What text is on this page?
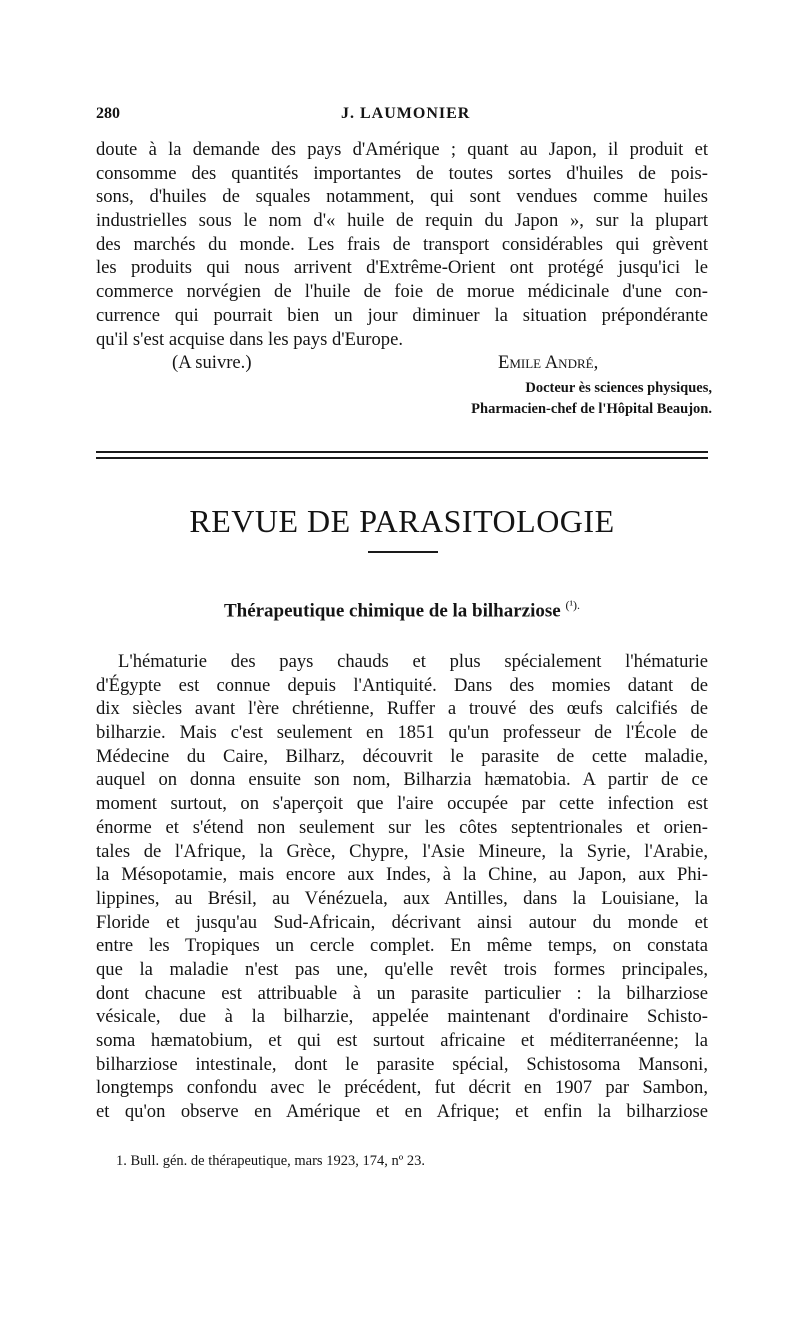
280	J. LAUMONIER
doute à la demande des pays d'Amérique ; quant au Japon, il produit et
consomme des quantités importantes de toutes sortes d'huiles de pois-
sons, d'huiles de squales notamment, qui sont vendues comme huiles
industrielles sous le nom d'« huile de requin du Japon », sur la plupart
des marchés du monde. Les frais de transport considérables qui grèvent
les produits qui nous arrivent d'Extrême-Orient ont protégé jusqu'ici le
commerce norvégien de l'huile de foie de morue médicinale d'une con-
currence qui pourrait bien un jour diminuer la situation prépondérante
qu'il s'est acquise dans les pays d'Europe.
(A suivre.)	Emile André,
Docteur ès sciences physiques,
Pharmacien-chef de l'Hôpital Beaujon.
REVUE DE PARASITOLOGIE
Thérapeutique chimique de la bilharziose $^{(^1).}$
L'hématurie des pays chauds et plus spécialement l'hématurie
d'Égypte est connue depuis l'Antiquité. Dans des momies datant de
dix siècles avant l'ère chrétienne, Ruffer a trouvé des œufs calcifiés de
bilharzie. Mais c'est seulement en 1851 qu'un professeur de l'École de
Médecine du Caire, Bilharz, découvrit le parasite de cette maladie,
auquel on donna ensuite son nom, Bilharzia hæmatobia. A partir de ce
moment surtout, on s'aperçoit que l'aire occupée par cette infection est
énorme et s'étend non seulement sur les côtes septentrionales et orien-
tales de l'Afrique, la Grèce, Chypre, l'Asie Mineure, la Syrie, l'Arabie,
la Mésopotamie, mais encore aux Indes, à la Chine, au Japon, aux Phi-
lippines, au Brésil, au Vénézuela, aux Antilles, dans la Louisiane, la
Floride et jusqu'au Sud-Africain, décrivant ainsi autour du monde et
entre les Tropiques un cercle complet. En même temps, on constata
que la maladie n'est pas une, qu'elle revêt trois formes principales,
dont chacune est attribuable à un parasite particulier : la bilharziose
vésicale, due à la bilharzie, appelée maintenant d'ordinaire Schisto-
soma hæmatobium, et qui est surtout africaine et méditerranéenne; la
bilharziose intestinale, dont le parasite spécial, Schistosoma Mansoni,
longtemps confondu avec le précédent, fut décrit en 1907 par Sambon,
et qu'on observe en Amérique et en Afrique; et enfin la bilharziose
1. Bull. gén. de thérapeutique, mars 1923, 174, nº 23.
